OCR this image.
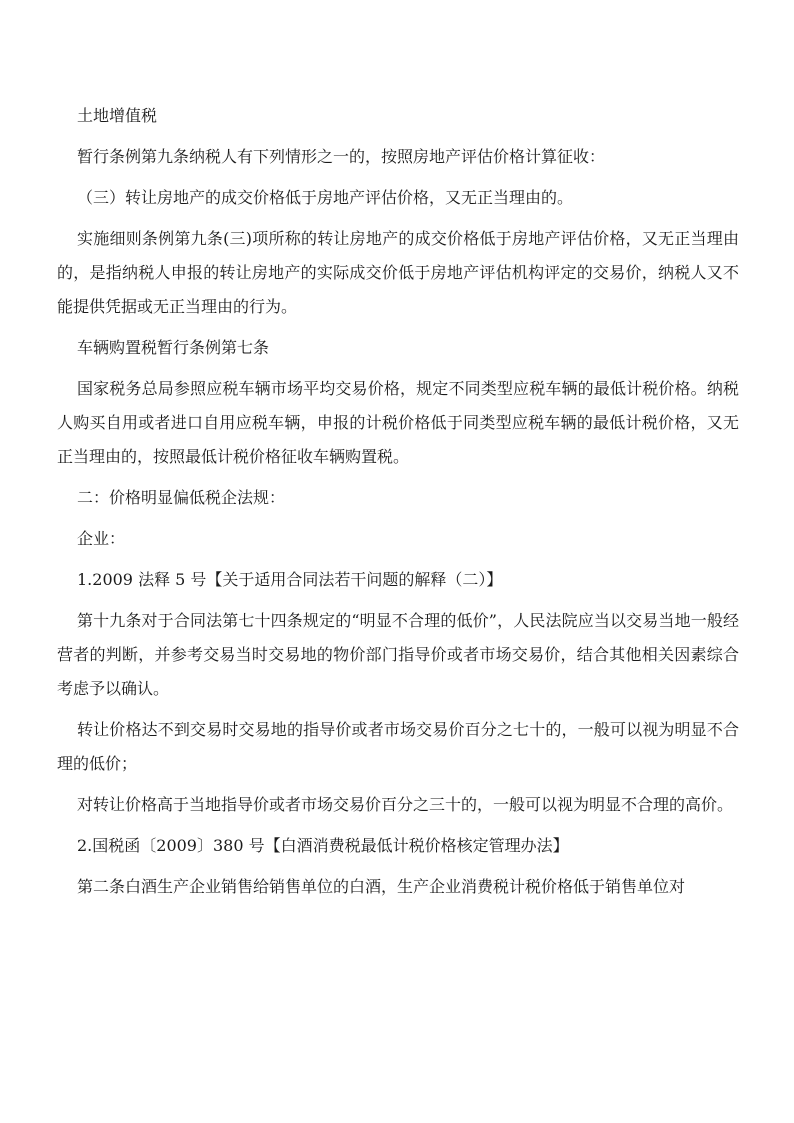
土地增值税

暂行条例第九条纳税人有下列情形之一的，按照房地产评估价格计算征收：

（三）转让房地产的成交价格低于房地产评估价格，又无正当理由的。

实施细则条例第九条(三)项所称的转让房地产的成交价格低于房地产评估价格，又无正当理由的，是指纳税人申报的转让房地产的实际成交价低于房地产评估机构评定的交易价，纳税人又不能提供凭据或无正当理由的行为。

车辆购置税暂行条例第七条

国家税务总局参照应税车辆市场平均交易价格，规定不同类型应税车辆的最低计税价格。纳税人购买自用或者进口自用应税车辆，申报的计税价格低于同类型应税车辆的最低计税价格，又无正当理由的，按照最低计税价格征收车辆购置税。

二：价格明显偏低税企法规：

企业：

1.2009 法释 5 号【关于适用合同法若干问题的解释（二）】

第十九条对于合同法第七十四条规定的“明显不合理的低价”，人民法院应当以交易当地一般经营者的判断，并参考交易当时交易地的物价部门指导价或者市场交易价，结合其他相关因素综合考虑予以确认。

转让价格达不到交易时交易地的指导价或者市场交易价百分之七十的，一般可以视为明显不合理的低价；

对转让价格高于当地指导价或者市场交易价百分之三十的，一般可以视为明显不合理的高价。

2.国税函〔2009〕380 号【白酒消费税最低计税价格核定管理办法】

第二条白酒生产企业销售给销售单位的白酒，生产企业消费税计税价格低于销售单位对
